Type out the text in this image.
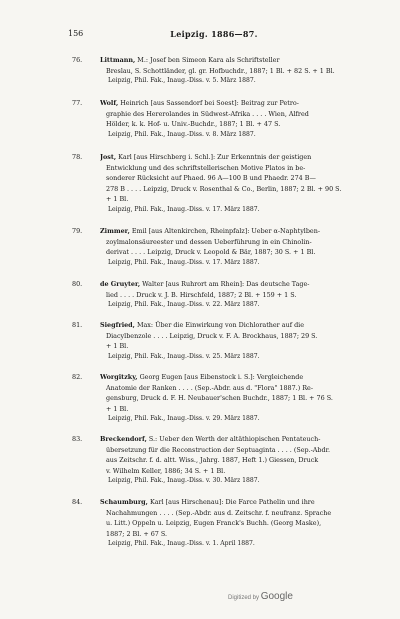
156	Leipzig. 1886—87.
76.	Littmann, M.: Josef ben Simeon Kara als Schriftsteller
Breslau, S. Schottländer, gl. gr. Hofbuchdr., 1887; 1 Bl. + 82 S. + 1 Bl.
Leipzig, Phil. Fak., Inaug.-Diss. v. 5. März 1887.
77.	Wolf, Heinrich [aus Sassendorf bei Soest]: Beitrag zur Petro-
graphie des Hererolandes in Südwest-Afrika . . . . Wien, Alfred
Hölder, k. k. Hof- u. Univ.-Buchdr., 1887; 1 Bl. + 47 S.
Leipzig, Phil. Fak., Inaug.-Diss. v. 8. März 1887.
78.	Jost, Karl [aus Hirschberg i. Schl.]: Zur Erkenntnis der geistigen
Entwicklung und des schriftstellerischen Motive Platos in be-
sonderer Rücksicht auf Phaed. 96 A—100 B und Phaedr. 274 B—
278 B . . . . Leipzig, Druck v. Rosenthal & Co., Berlin, 1887; 2 Bl. + 90 S.
+ 1 Bl.
Leipzig, Phil. Fak., Inaug.-Diss. v. 17. März 1887.
79.	Zimmer, Emil [aus Altenkirchen, Rheinpfalz]: Ueber α-Naphtylben-
zoylmalonsäureester und dessen Ueberführung in ein Chinolin-
derivat . . . . Leipzig, Druck v. Leopold & Bär, 1887; 30 S. + 1 Bl.
Leipzig, Phil. Fak., Inaug.-Diss. v. 17. März 1887.
80.	de Gruyter, Walter [aus Ruhrort am Rhein]: Das deutsche Tage-
lied . . . . Druck v. J. B. Hirschfeld, 1887; 2 Bl. + 159 + 1 S.
Leipzig, Phil. Fak., Inaug.-Diss. v. 22. März 1887.
81.	Siegfried, Max: Über die Einwirkung von Dichlorather auf die
Diacylbenzole . . . . Leipzig, Druck v. F. A. Brockhaus, 1887; 29 S.
+ 1 Bl.
Leipzig, Phil. Fak., Inaug.-Diss. v. 25. März 1887.
82.	Worgitzky, Georg Eugen [aus Eibenstock i. S.]: Vergleichende
Anatomie der Ranken . . . . (Sep.-Abdr. aus d. "Flora" 1887.) Re-
gensburg, Druck d. F. H. Neubauer'schen Buchdr., 1887; 1 Bl. + 76 S.
+ 1 Bl.
Leipzig, Phil. Fak., Inaug.-Diss. v. 29. März 1887.
83.	Breckendorf, S.: Ueber den Werth der altäthiopischen Pentateuch-
übersetzung für die Reconstruction der Septuaginta . . . . (Sep.-Abdr.
aus Zeitschr. f. d. altt. Wiss., Jahrg. 1887, Heft 1.) Giessen, Druck
v. Wilhelm Keller, 1886; 34 S. + 1 Bl.
Leipzig, Phil. Fak., Inaug.-Diss. v. 30. März 1887.
84.	Schaumburg, Karl [aus Hirschenau]: Die Farce Pathelin und ihre
Nachahmungen . . . . (Sep.-Abdr. aus d. Zeitschr. f. neufranz. Sprache
u. Litt.) Oppeln u. Leipzig, Eugen Franck's Buchh. (Georg Maske),
1887; 2 Bl. + 67 S.
Leipzig, Phil. Fak., Inaug.-Diss. v. 1. April 1887.
Digitized by Google
